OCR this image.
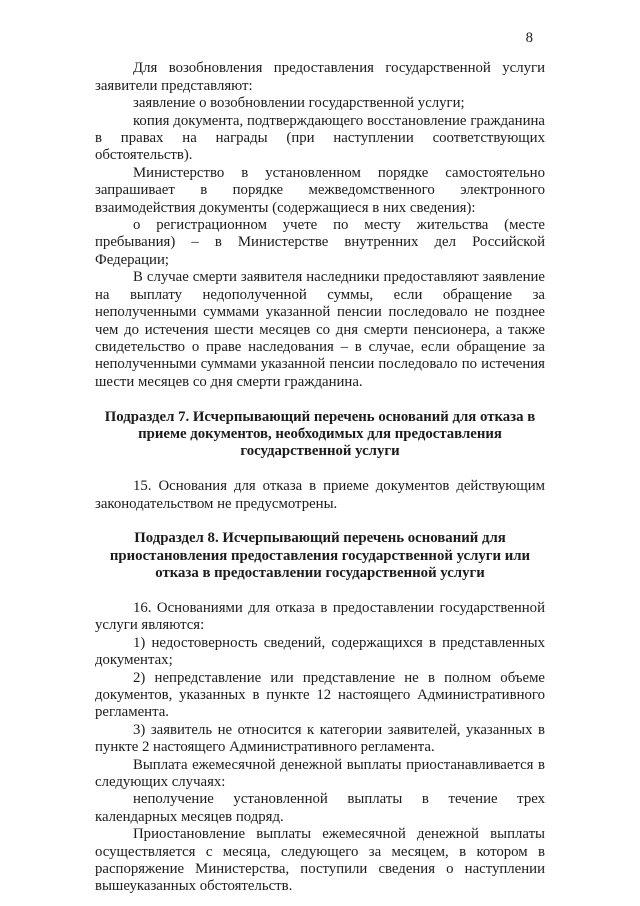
8

Для возобновления предоставления государственной услуги заявители представляют:

заявление о возобновлении государственной услуги;

копия документа, подтверждающего восстановление гражданина в правах на награды (при наступлении соответствующих обстоятельств).

Министерство в установленном порядке самостоятельно запрашивает в порядке межведомственного электронного взаимодействия документы (содержащиеся в них сведения):

о регистрационном учете по месту жительства (месте пребывания) – в Министерстве внутренних дел Российской Федерации;

В случае смерти заявителя наследники предоставляют заявление на выплату недополученной суммы, если обращение за неполученными суммами указанной пенсии последовало не позднее чем до истечения шести месяцев со дня смерти пенсионера, а также свидетельство о праве наследования – в случае, если обращение за неполученными суммами указанной пенсии последовало по истечения шести месяцев со дня смерти гражданина.

Подраздел 7. Исчерпывающий перечень оснований для отказа в приеме документов, необходимых для предоставления государственной услуги

15. Основания для отказа в приеме документов действующим законодательством не предусмотрены.

Подраздел 8. Исчерпывающий перечень оснований для приостановления предоставления государственной услуги или отказа в предоставлении государственной услуги

16. Основаниями для отказа в предоставлении государственной услуги являются:

1) недостоверность сведений, содержащихся в представленных документах;

2) непредставление или представление не в полном объеме документов, указанных в пункте 12 настоящего Административного регламента.

3) заявитель не относится к категории заявителей, указанных в пункте 2 настоящего Административного регламента.

Выплата ежемесячной денежной выплаты приостанавливается в следующих случаях:

неполучение установленной выплаты в течение трех календарных месяцев подряд.

Приостановление выплаты ежемесячной денежной выплаты осуществляется с месяца, следующего за месяцем, в котором в распоряжение Министерства, поступили сведения о наступлении вышеуказанных обстоятельств.
